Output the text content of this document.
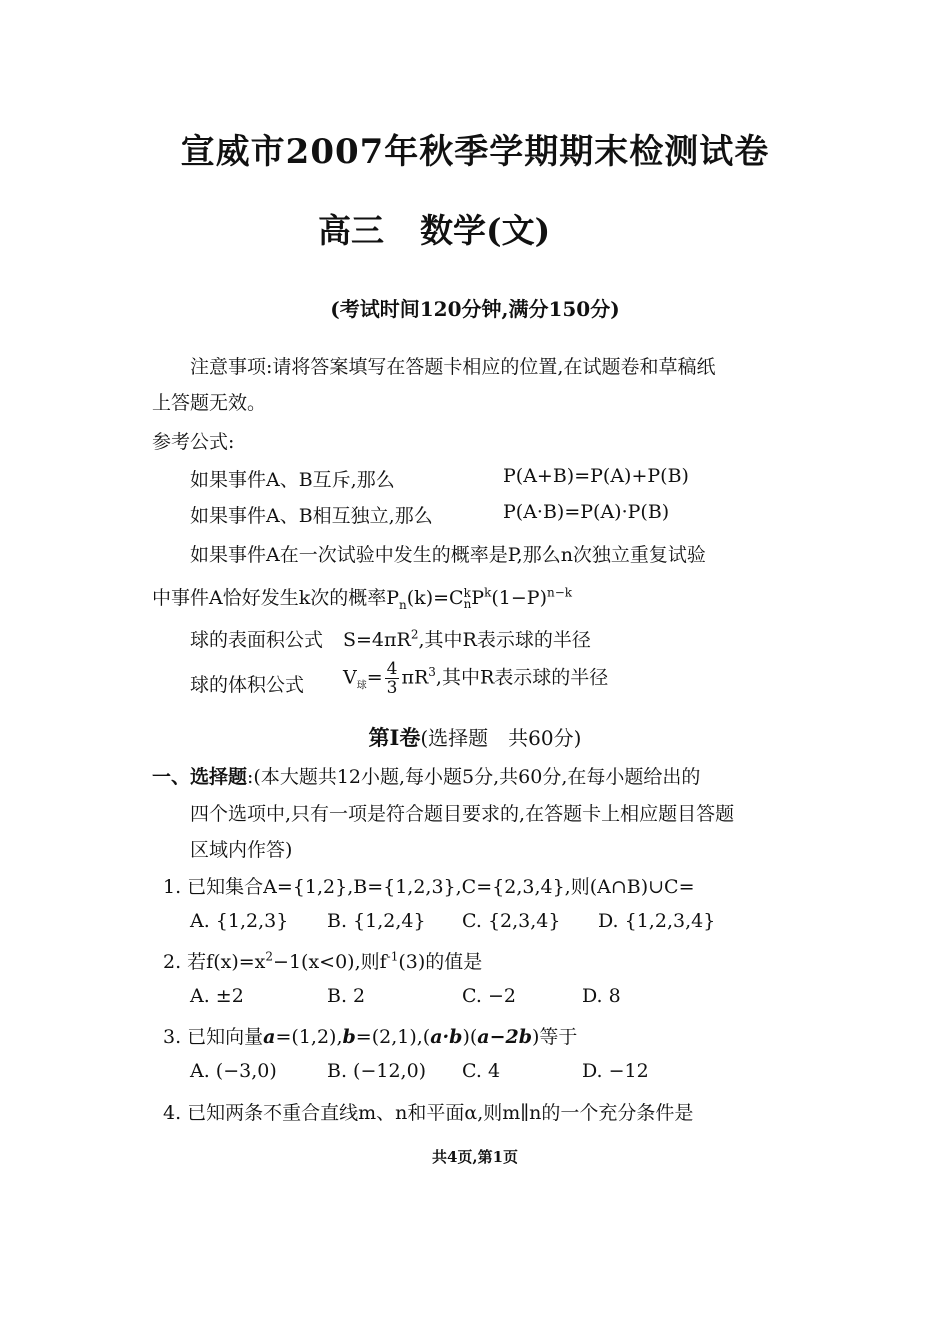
宣威市2007年秋季学期期末检测试卷
高三 数学(文)
(考试时间120分钟,满分150分)
注意事项:请将答案填写在答题卡相应的位置,在试题卷和草稿纸
上答题无效。
参考公式:
如果事件A、B互斥,那么	P(A+B)=P(A)+P(B)
如果事件A、B相互独立,那么	P(A·B)=P(A)·P(B)
如果事件A在一次试验中发生的概率是P,那么n次独立重复试验
中事件A恰好发生k次的概率$P_n(k)=C$ k
n $P^k(1-P)^{n-k}$
球的表面积公式 $S=4\pi R^2$,其中R表示球的半径
球的体积公式 $V_球= \frac{4}{3} \pi R^3$,其中R表示球的半径
第Ⅰ卷(选择题　共60分)
一、选择题:(本大题共12小题,每小题5分,共60分,在每小题给出的
四个选项中,只有一项是符合题目要求的,在答题卡上相应题目答题
区域内作答)
1. 已知集合A={1,2},B={1,2,3},C={2,3,4},则(A∩B)∪C=
A. {1,2,3} B. {1,2,4} C. {2,3,4} D. {1,2,3,4}
2. 若$f(x)=x^2-1(x<0)$,则$f^{-1}(3)$的值是
A. ±2	B. 2	C. −2	D. 8
3. 已知向量a=(1,2),b=(2,1),(a·b)(a−2b)等于
A. (−3,0)	B. (−12,0) C. 4	D. −12
4. 已知两条不重合直线m、n和平面α,则m∥n的一个充分条件是
共4页,第1页
